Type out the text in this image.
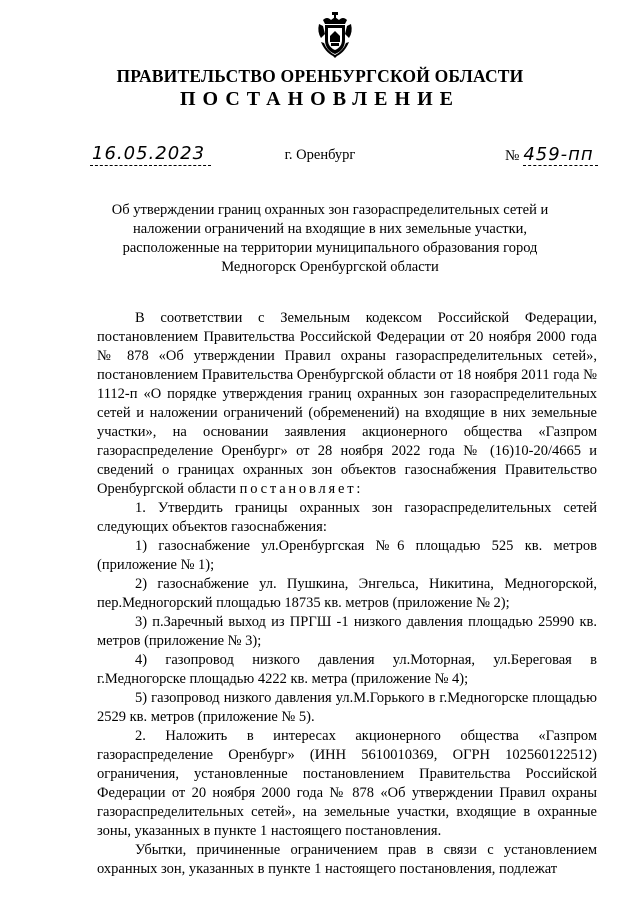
ПРАВИТЕЛЬСТВО ОРЕНБУРГСКОЙ ОБЛАСТИ
ПОСТАНОВЛЕНИЕ
16.05.2023	г. Оренбург	№ 459-пп
Об утверждении границ охранных зон газораспределительных сетей и наложении ограничений на входящие в них земельные участки, расположенные на территории муниципального образования город Медногорск Оренбургской области

В соответствии с Земельным кодексом Российской Федерации, постановлением Правительства Российской Федерации от 20 ноября 2000 года № 878 «Об утверждении Правил охраны газораспределительных сетей», постановлением Правительства Оренбургской области от 18 ноября 2011 года № 1112-п «О порядке утверждения границ охранных зон газораспределительных сетей и наложении ограничений (обременений) на входящие в них земельные участки», на основании заявления акционерного общества «Газпром газораспределение Оренбург» от 28 ноября 2022 года № (16)10-20/4665 и сведений о границах охранных зон объектов газоснабжения Правительство Оренбургской области постановляет:

1. Утвердить границы охранных зон газораспределительных сетей следующих объектов газоснабжения:

1) газоснабжение ул.Оренбургская №6 площадью 525 кв. метров (приложение № 1);

2) газоснабжение ул. Пушкина, Энгельса, Никитина, Медногорской, пер.Медногорский площадью 18735 кв. метров (приложение № 2);

3) п.Заречный выход из ПРГШ -1 низкого давления площадью 25990 кв. метров (приложение № 3);

4) газопровод низкого давления ул.Моторная, ул.Береговая в г.Медногорске площадью 4222 кв. метра (приложение № 4);

5) газопровод низкого давления ул.М.Горького в г.Медногорске площадью 2529 кв. метров (приложение № 5).

2. Наложить в интересах акционерного общества «Газпром газораспределение Оренбург» (ИНН 5610010369, ОГРН 102560122512) ограничения, установленные постановлением Правительства Российской Федерации от 20 ноября 2000 года № 878 «Об утверждении Правил охраны газораспределительных сетей», на земельные участки, входящие в охранные зоны, указанных в пункте 1 настоящего постановления.

Убытки, причиненные ограничением прав в связи с установлением охранных зон, указанных в пункте 1 настоящего постановления, подлежат
